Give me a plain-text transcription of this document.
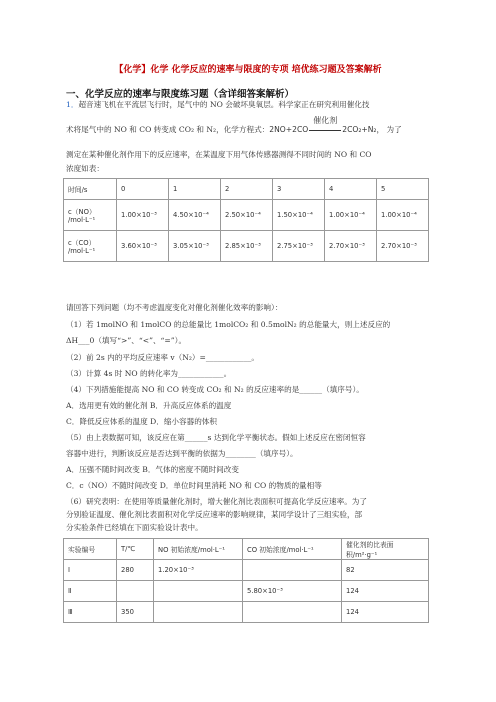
【化学】化学 化学反应的速率与限度的专项 培优练习题及答案解析
一、化学反应的速率与限度练习题（含详细答案解析）
1．超音速飞机在平流层飞行时，尾气中的 NO 会破坏臭氧层。科学家正在研究利用催化技
术将尾气中的 NO 和 CO 转变成 CO₂ 和 N₂，化学方程式：2NO+2CO
催化剂
2CO₂+N₂， 为了
测定在某种催化剂作用下的反应速率，在某温度下用气体传感器测得不同时间的 NO 和 CO
浓度如表：
时间/s	0	1	2	3	4	5

c（NO）
/mol·L⁻¹	1.00×10⁻³	4.50×10⁻⁴	2.50×10⁻⁴	1.50×10⁻⁴	1.00×10⁻⁴	1.00×10⁻⁴

c（CO）
/mol·L⁻¹	3.60×10⁻³	3.05×10⁻³	2.85×10⁻³	2.75×10⁻³	2.70×10⁻³	2.70×10⁻³
请回答下列问题（均不考虑温度变化对催化剂催化效率的影响）：
（1）若 1molNO 和 1molCO 的总能量比 1molCO₂ 和 0.5molN₂ 的总能量大，则上述反应的
ΔH___0（填写“>”、“<”、“=”）。
（2）前 2s 内的平均反应速率 v（N₂）=____________。
（3）计算 4s 时 NO 的转化率为____________。
（4）下列措施能提高 NO 和 CO 转变成 CO₂ 和 N₂ 的反应速率的是______（填序号）。
A．选用更有效的催化剂 B．升高反应体系的温度
C．降低反应体系的温度 D．缩小容器的体积
（5）由上表数据可知，该反应在第______s 达到化学平衡状态。假如上述反应在密闭恒容
容器中进行，判断该反应是否达到平衡的依据为________（填序号）。
A．压强不随时间改变 B．气体的密度不随时间改变
C．c（NO）不随时间改变 D．单位时间里消耗 NO 和 CO 的物质的量相等
（6）研究表明：在使用等质量催化剂时，增大催化剂比表面积可提高化学反应速率。为了
分别验证温度、催化剂比表面积对化学反应速率的影响规律，某同学设计了三组实验，部
分实验条件已经填在下面实验设计表中。
实验编号	T/℃	NO 初始浓度/mol·L⁻¹	CO 初始浓度/mol·L⁻¹	催化剂的比表面积/m²·g⁻¹
Ⅰ	280	1.20×10⁻³		82
Ⅱ			5.80×10⁻³	124
Ⅲ	350			124
